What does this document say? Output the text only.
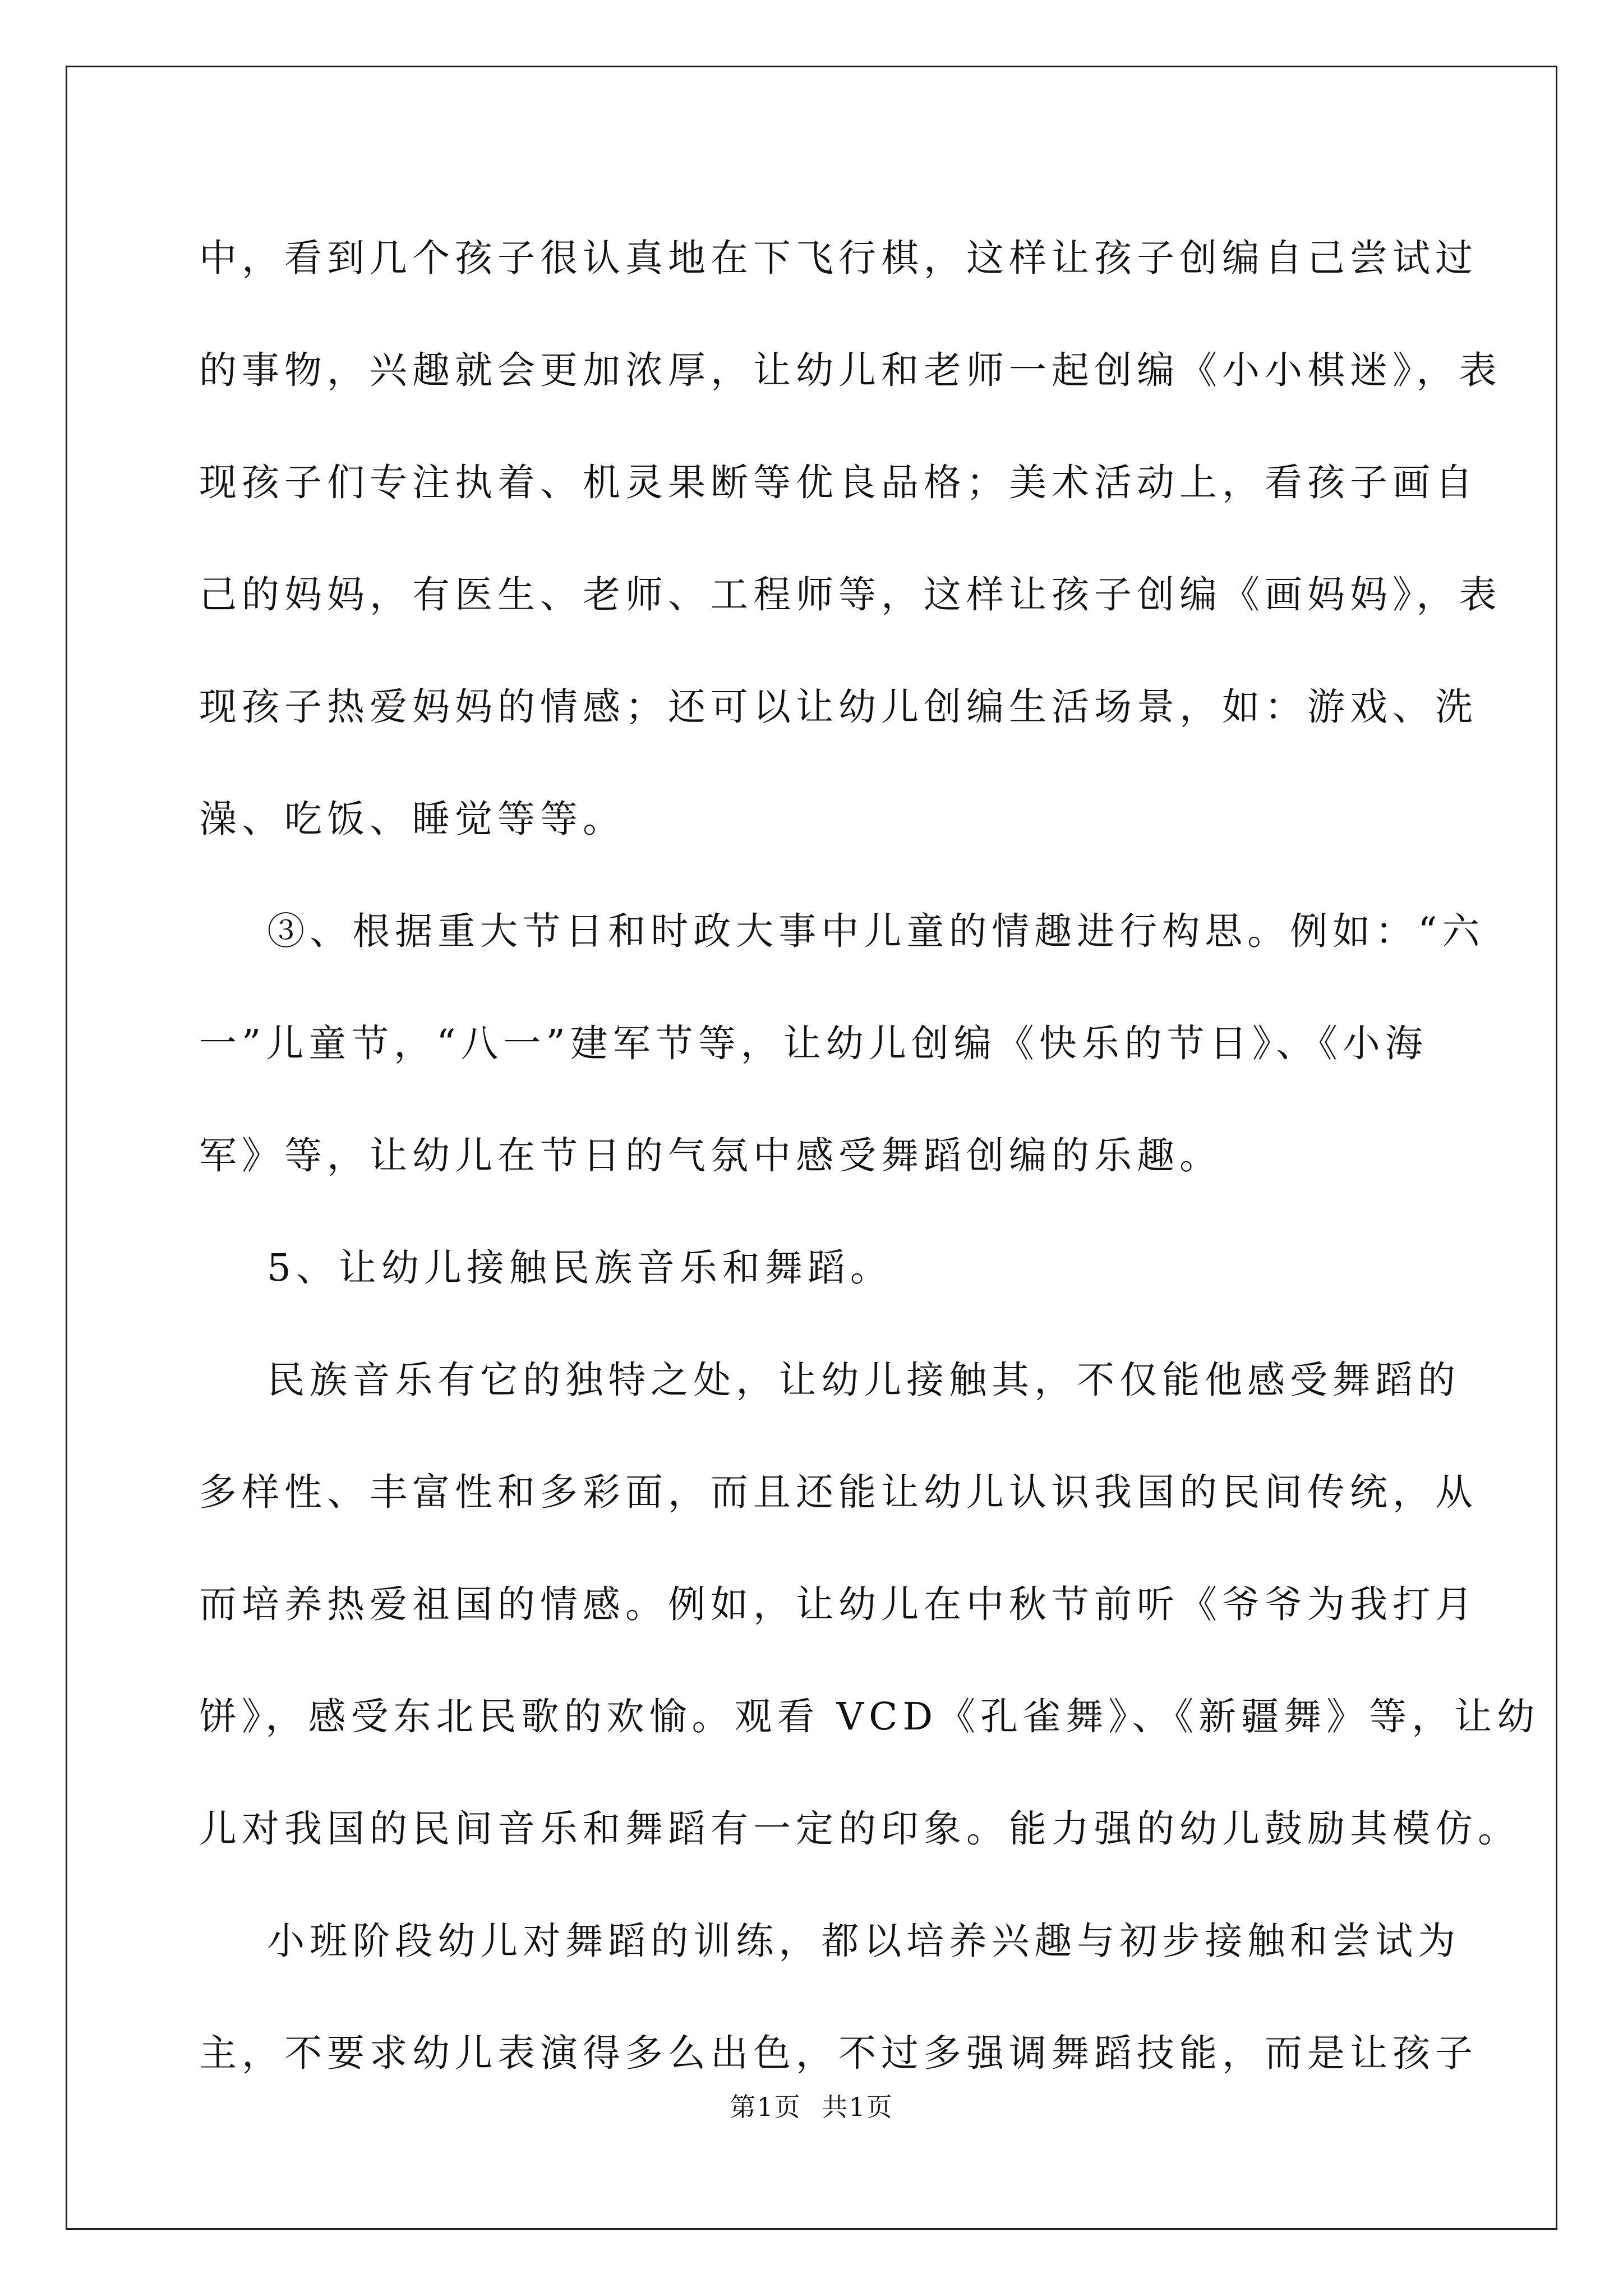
中，看到几个孩子很认真地在下飞行棋，这样让孩子创编自己尝试过
的事物，兴趣就会更加浓厚，让幼儿和老师一起创编《小小棋迷》，表
现孩子们专注执着、机灵果断等优良品格；美术活动上，看孩子画自
己的妈妈，有医生、老师、工程师等，这样让孩子创编《画妈妈》，表
现孩子热爱妈妈的情感；还可以让幼儿创编生活场景，如：游戏、洗
澡、吃饭、睡觉等等。
③、根据重大节日和时政大事中儿童的情趣进行构思。例如：“六
一”儿童节，“八一”建军节等，让幼儿创编《快乐的节日》、《小海
军》等，让幼儿在节日的气氛中感受舞蹈创编的乐趣。
5、让幼儿接触民族音乐和舞蹈。
民族音乐有它的独特之处，让幼儿接触其，不仅能他感受舞蹈的
多样性、丰富性和多彩面，而且还能让幼儿认识我国的民间传统，从
而培养热爱祖国的情感。例如，让幼儿在中秋节前听《爷爷为我打月
饼》，感受东北民歌的欢愉。观看 VCD《孔雀舞》、《新疆舞》等，让幼
儿对我国的民间音乐和舞蹈有一定的印象。能力强的幼儿鼓励其模仿。
小班阶段幼儿对舞蹈的训练，都以培养兴趣与初步接触和尝试为
主，不要求幼儿表演得多么出色，不过多强调舞蹈技能，而是让孩子
第1页 共1页
